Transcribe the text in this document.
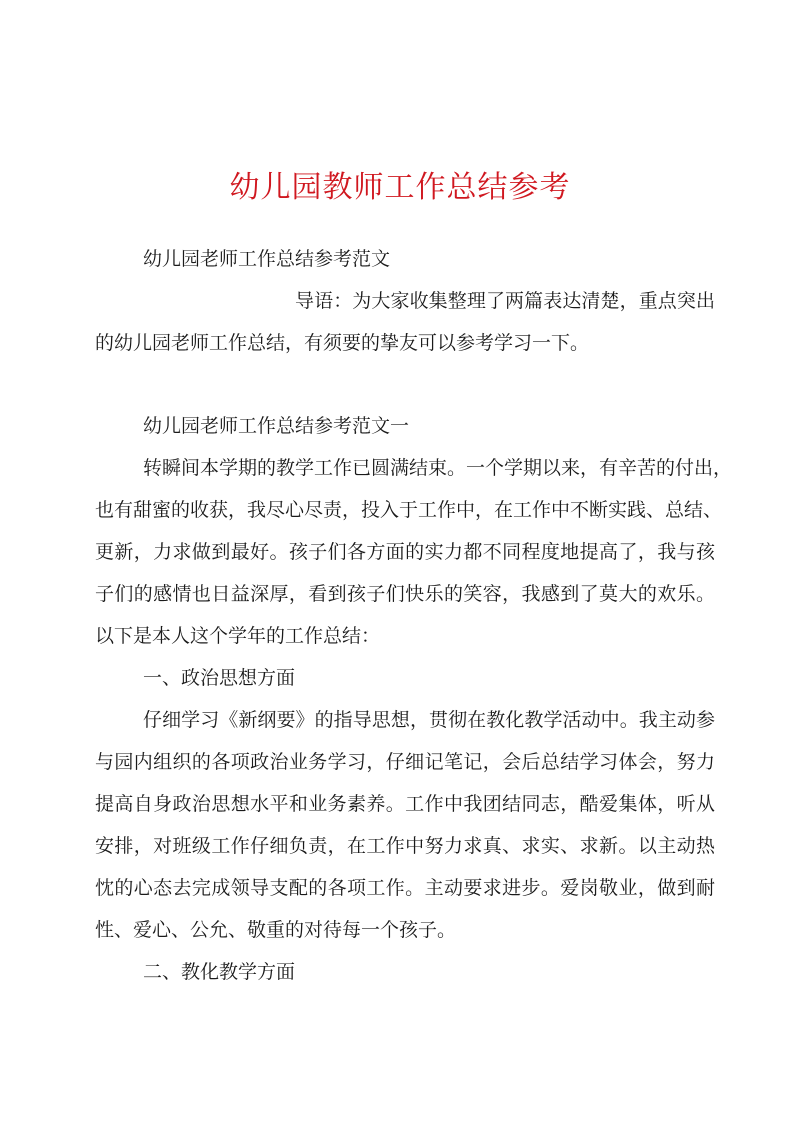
幼儿园教师工作总结参考
幼儿园老师工作总结参考范文
导语：为大家收集整理了两篇表达清楚，重点突出
的幼儿园老师工作总结，有须要的挚友可以参考学习一下。
幼儿园老师工作总结参考范文一
转瞬间本学期的教学工作已圆满结束。一个学期以来，有辛苦的付出，
也有甜蜜的收获，我尽心尽责，投入于工作中，在工作中不断实践、总结、
更新，力求做到最好。孩子们各方面的实力都不同程度地提高了，我与孩
子们的感情也日益深厚，看到孩子们快乐的笑容，我感到了莫大的欢乐。
以下是本人这个学年的工作总结：
一、政治思想方面
仔细学习《新纲要》的指导思想，贯彻在教化教学活动中。我主动参
与园内组织的各项政治业务学习，仔细记笔记，会后总结学习体会，努力
提高自身政治思想水平和业务素养。工作中我团结同志，酷爱集体，听从
安排，对班级工作仔细负责，在工作中努力求真、求实、求新。以主动热
忱的心态去完成领导支配的各项工作。主动要求进步。爱岗敬业，做到耐
性、爱心、公允、敬重的对待每一个孩子。
二、教化教学方面
